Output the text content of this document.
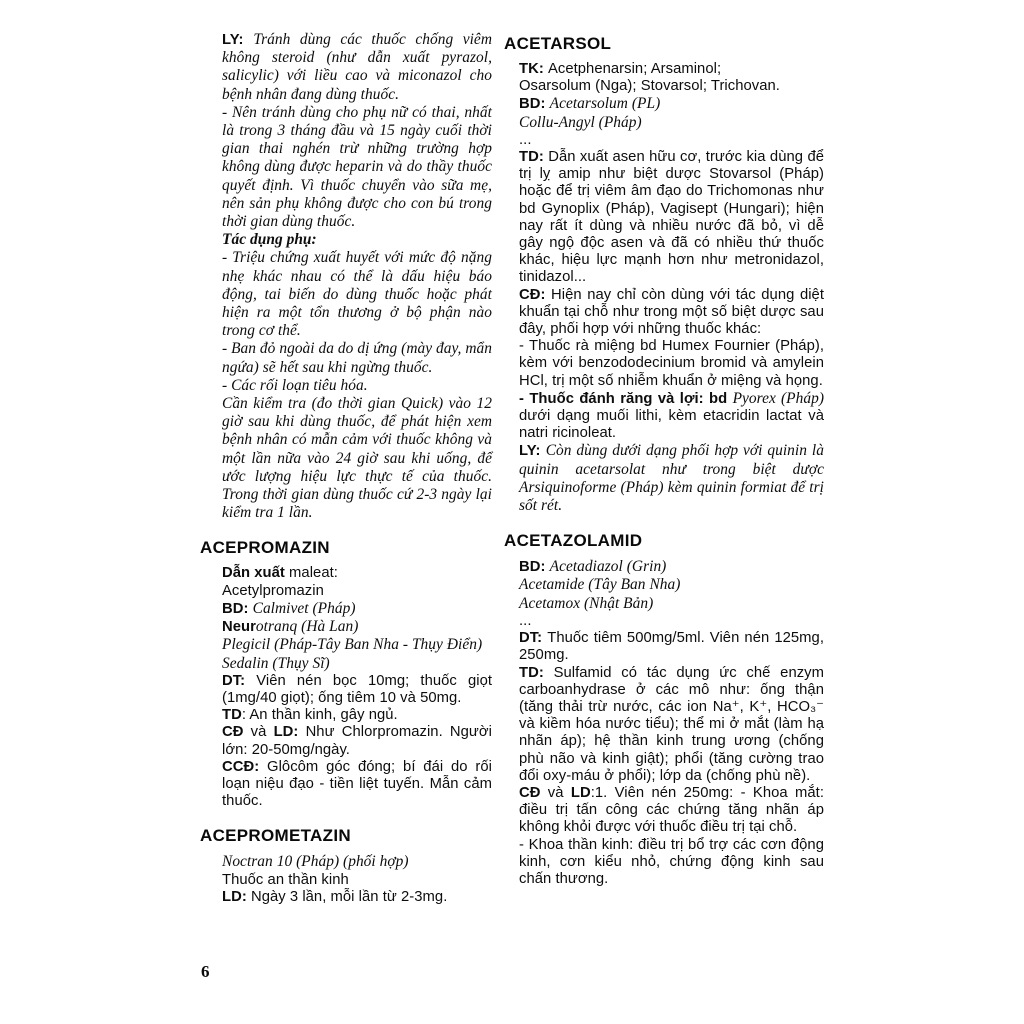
LY: Tránh dùng các thuốc chống viêm không steroid (như dẫn xuất pyrazol, salicylic) với liều cao và miconazol cho bệnh nhân đang dùng thuốc.

- Nên tránh dùng cho phụ nữ có thai, nhất là trong 3 tháng đầu và 15 ngày cuối thời gian thai nghén trừ những trường hợp không dùng được heparin và do thầy thuốc quyết định. Vì thuốc chuyển vào sữa mẹ, nên sản phụ không được cho con bú trong thời gian dùng thuốc.

Tác dụng phụ:

- Triệu chứng xuất huyết với mức độ nặng nhẹ khác nhau có thể là dấu hiệu báo động, tai biến do dùng thuốc hoặc phát hiện ra một tổn thương ở bộ phận nào trong cơ thể.

- Ban đỏ ngoài da do dị ứng (mày đay, mẩn ngứa) sẽ hết sau khi ngừng thuốc.

- Các rối loạn tiêu hóa.

Cần kiểm tra (đo thời gian Quick) vào 12 giờ sau khi dùng thuốc, để phát hiện xem bệnh nhân có mẫn cảm với thuốc không và một lần nữa vào 24 giờ sau khi uống, để ước lượng hiệu lực thực tế của thuốc. Trong thời gian dùng thuốc cứ 2-3 ngày lại kiểm tra 1 lần.

ACEPROMAZIN

Dẫn xuất maleat:

Acetylpromazin

BD: Calmivet (Pháp)

Neurotranq (Hà Lan)

Plegicil (Pháp-Tây Ban Nha - Thụy Điển)

Sedalin (Thụy Sĩ)

DT: Viên nén bọc 10mg; thuốc giọt (1mg/40 giọt); ống tiêm 10 và 50mg.

TD: An thần kinh, gây ngủ.

CĐ và LD: Như Chlorpromazin. Người lớn: 20-50mg/ngày.

CCĐ: Glôcôm góc đóng; bí đái do rối loạn niệu đạo - tiền liệt tuyến. Mẫn cảm thuốc.

ACEPROMETAZIN

Noctran 10 (Pháp) (phối hợp)

Thuốc an thần kinh

LD: Ngày 3 lần, mỗi lần từ 2-3mg.

ACETARSOL

TK: Acetphenarsin; Arsaminol;

Osarsolum (Nga); Stovarsol; Trichovan.

BD: Acetarsolum (PL)

Collu-Angyl (Pháp)

...

TD: Dẫn xuất asen hữu cơ, trước kia dùng để trị lỵ amip như biệt dược Stovarsol (Pháp) hoặc để trị viêm âm đạo do Trichomonas như bd Gynoplix (Pháp), Vagisept (Hungari); hiện nay rất ít dùng và nhiều nước đã bỏ, vì dễ gây ngộ độc asen và đã có nhiều thứ thuốc khác, hiệu lực mạnh hơn như metronidazol, tinidazol...

CĐ: Hiện nay chỉ còn dùng với tác dụng diệt khuẩn tại chỗ như trong một số biệt dược sau đây, phối hợp với những thuốc khác:

- Thuốc rà miệng bd Humex Fournier (Pháp), kèm với benzododecinium bromid và amylein HCl, trị một số nhiễm khuẩn ở miệng và họng.

- Thuốc đánh răng và lợi: bd Pyorex (Pháp) dưới dạng muối lithi, kèm etacridin lactat và natri ricinoleat.

LY: Còn dùng dưới dạng phối hợp với quinin là quinin acetarsolat như trong biệt dược Arsiquinoforme (Pháp) kèm quinin formiat để trị sốt rét.

ACETAZOLAMID

BD: Acetadiazol (Grin)

Acetamide (Tây Ban Nha)

Acetamox (Nhật Bản)

...

DT: Thuốc tiêm 500mg/5ml. Viên nén 125mg, 250mg.

TD: Sulfamid có tác dụng ức chế enzym carboanhydrase ở các mô như: ống thận (tăng thải trừ nước, các ion Na⁺, K⁺, HCO₃⁻ và kiềm hóa nước tiểu); thể mi ở mắt (làm hạ nhãn áp); hệ thần kinh trung ương (chống phù não và kinh giật); phổi (tăng cường trao đổi oxy-máu ở phổi); lớp da (chống phù nề).

CĐ và LD:1. Viên nén 250mg: - Khoa mắt: điều trị tấn công các chứng tăng nhãn áp không khỏi được với thuốc điều trị tại chỗ.

- Khoa thần kinh: điều trị bổ trợ các cơn động kinh, cơn kiểu nhỏ, chứng động kinh sau chấn thương.

6
